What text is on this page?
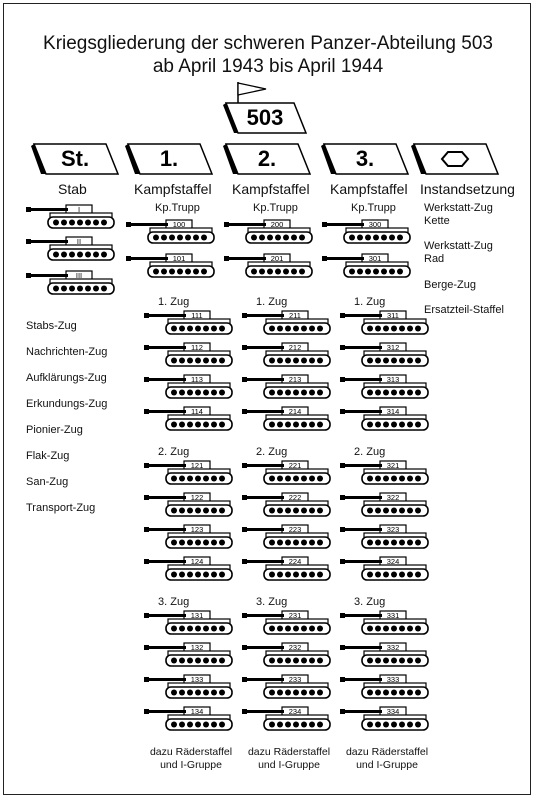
Kriegsgliederung der schweren Panzer-Abteilung 503
ab April 1943 bis April 1944
503
St.
Stab
I
II
III
Stabs-Zug
Nachrichten-Zug
Aufklärungs-Zug
Erkundungs-Zug
Pionier-Zug
Flak-Zug
San-Zug
Transport-Zug
1.
Kampfstaffel
Kp.Trupp
100
101
1. Zug
111
112
113
114
2. Zug
121
122
123
124
3. Zug
131
132
133
134
dazu Räderstaffel
und I-Gruppe
2.
Kampfstaffel
Kp.Trupp
200
201
1. Zug
211
212
213
214
2. Zug
221
222
223
224
3. Zug
231
232
233
234
dazu Räderstaffel
und I-Gruppe
3.
Kampfstaffel
Kp.Trupp
300
301
1. Zug
311
312
313
314
2. Zug
321
322
323
324
3. Zug
331
332
333
334
dazu Räderstaffel
und I-Gruppe
Instandsetzung
Werkstatt-Zug
Kette
Werkstatt-Zug
Rad
Berge-Zug
Ersatzteil-Staffel
